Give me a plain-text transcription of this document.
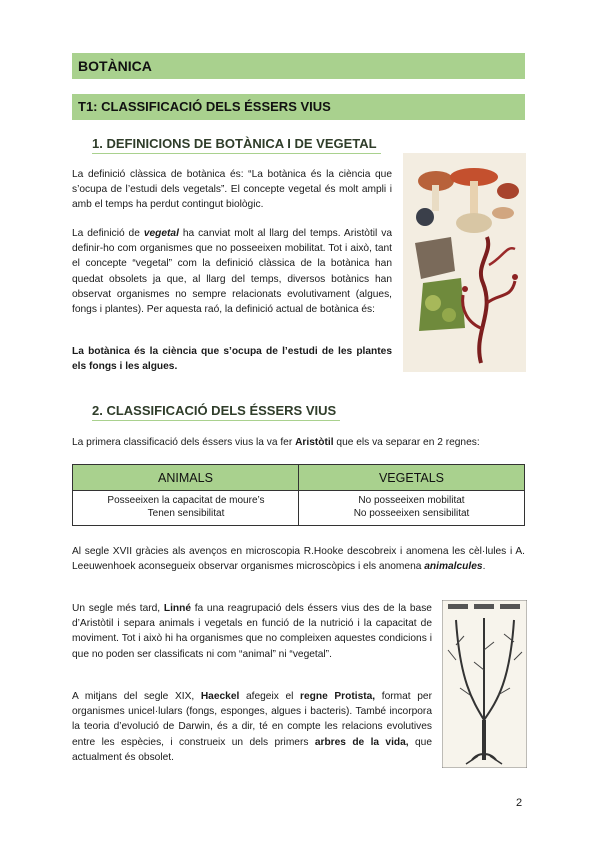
BOTÀNICA
T1: CLASSIFICACIÓ DELS ÉSSERS VIUS
1. DEFINICIONS DE BOTÀNICA I DE VEGETAL

La definició clàssica de botànica és: “La botànica és la ciència que s’ocupa de l’estudi dels vegetals”. El concepte vegetal és molt ampli i amb el temps ha perdut contingut biològic.

La definició de vegetal ha canviat molt al llarg del temps. Aristòtil va definir-ho com organismes que no posseeixen mobilitat. Tot i això, tant el concepte “vegetal” com la definició clàssica de la botànica han quedat obsolets ja que, al llarg del temps, diversos botànics han observat organismes no sempre relacionats evolutivament (algues, fongs i plantes). Per aquesta raó, la definició actual de botànica és:

La botànica és la ciència que s’ocupa de l’estudi de les plantes els fongs i les algues.

2. CLASSIFICACIÓ DELS ÉSSERS VIUS

La primera classificació dels éssers vius la va fer Aristòtil que els va separar en 2 regnes:

ANIMALS	VEGETALS
Posseeixen la capacitat de moure’s
Tenen sensibilitat
No posseeixen mobilitat
No posseeixen sensibilitat

Al segle XVII gràcies als avenços en microscopia R.Hooke descobreix i anomena les cèl·lules i A. Leeuwenhoek aconsegueix observar organismes microscòpics i els anomena animalcules.

Un segle més tard, Linné fa una reagrupació dels éssers vius des de la base d’Aristòtil i separa animals i vegetals en funció de la nutrició i la capacitat de moviment. Tot i això hi ha organismes que no compleixen aquestes condicions i que no poden ser classificats ni com “animal” ni “vegetal”.

A mitjans del segle XIX, Haeckel afegeix el regne Protista, format per organismes unicel·lulars (fongs, esponges, algues i bacteris). També incorpora la teoria d’evolució de Darwin, és a dir, té en compte les relacions evolutives entre les espècies, i construeix un dels primers arbres de la vida, que actualment és obsolet.

2
